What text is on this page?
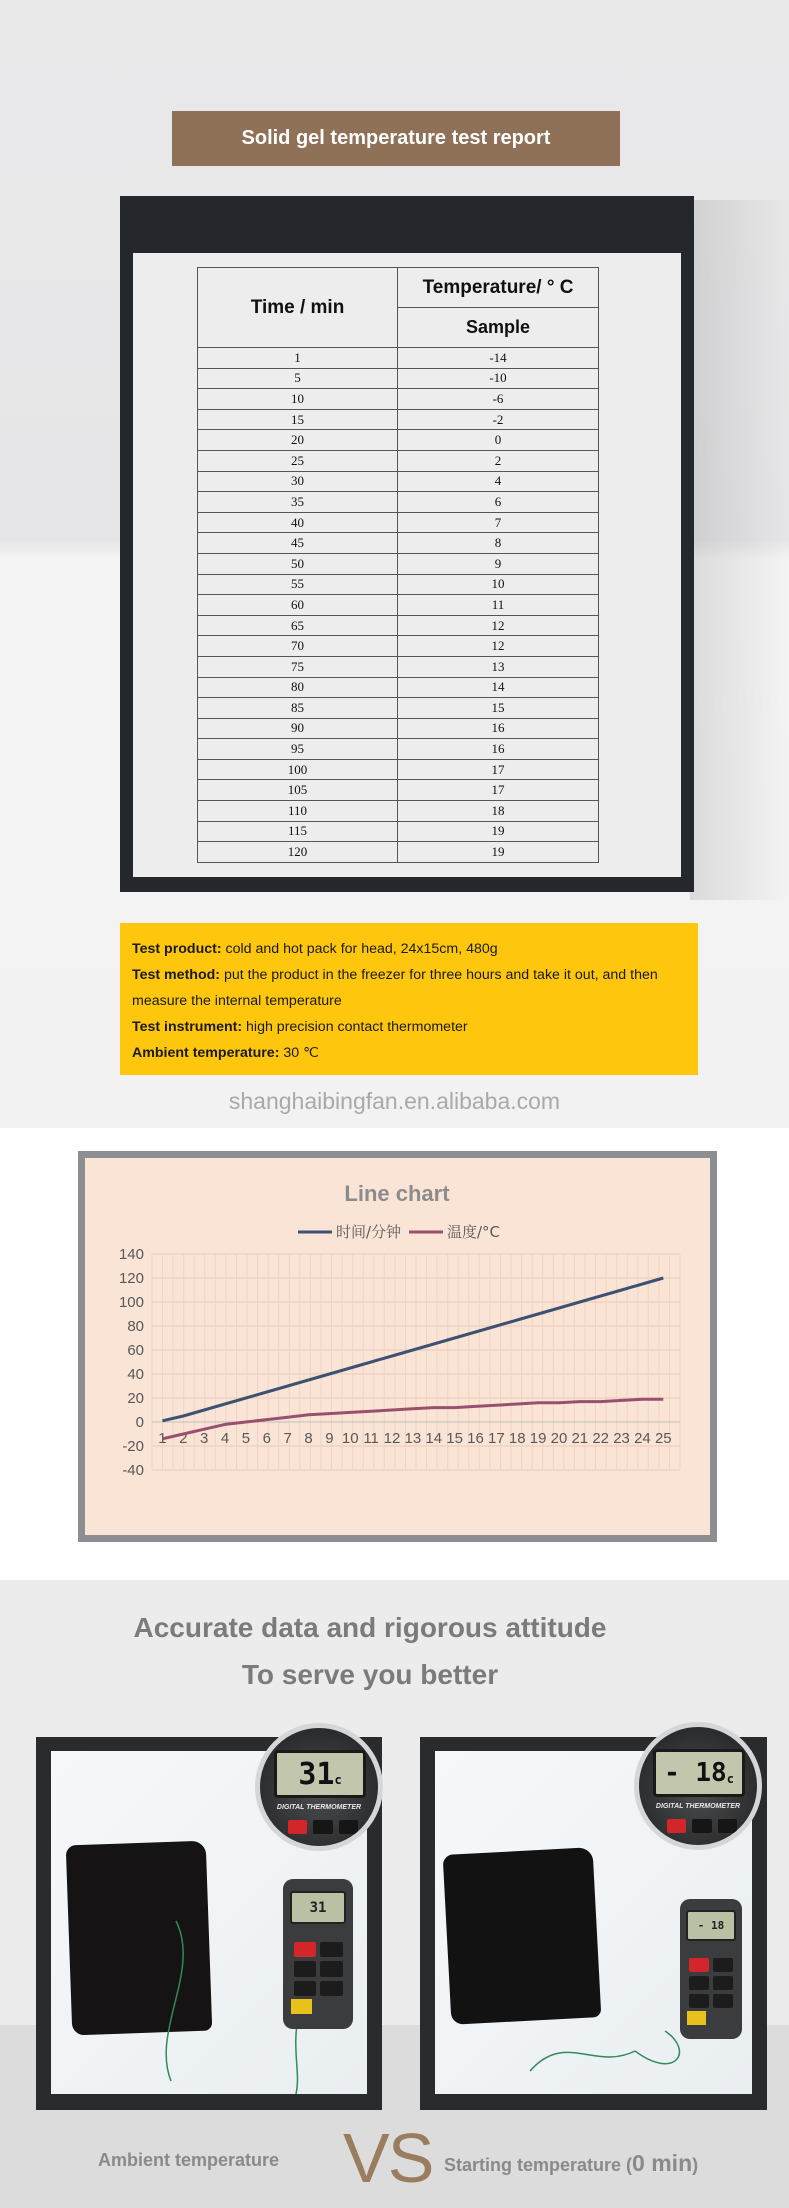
Solid gel temperature test report
Time / min	Temperature/ ° C
	Sample
1	-14
5	-10
10	-6
15	-2
20	0
25	2
30	4
35	6
40	7
45	8
50	9
55	10
60	11
65	12
70	12
75	13
80	14
85	15
90	16
95	16
100	17
105	17
110	18
115	19
120	19
Test product: cold and hot pack for head, 24x15cm, 480g
Test method: put the product in the freezer for three hours and take it out, and then measure the internal temperature
Test instrument: high precision contact thermometer
Ambient temperature: 30 ℃
shanghaibingfan.en.alibaba.com
Line chart
140
120
100
80
60
40
20
0
-20
-40
1 2 3 4 5 6 7 8 9 10 11 12 13 14 15 16 17 18 19 20 21 22 23 24 25
时间/分钟	温度/°C
Accurate data and rigorous attitude
To serve you better
31
31 c
DIGITAL THERMOMETER
- 18
- 18 c
DIGITAL THERMOMETER
Ambient temperature VS Starting temperature (0 min)
